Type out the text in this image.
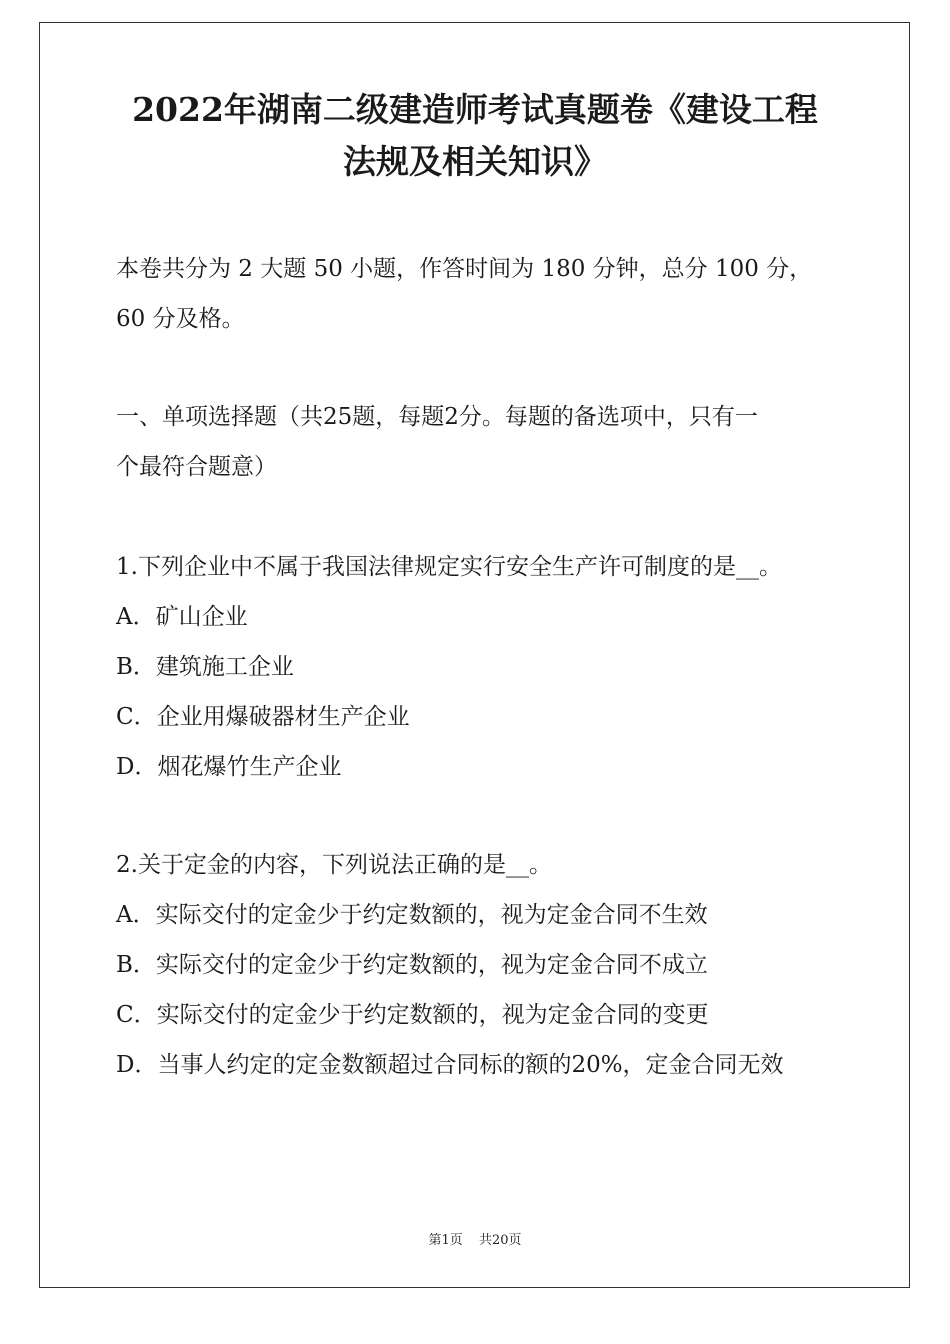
2022年湖南二级建造师考试真题卷《建设工程
法规及相关知识》
本卷共分为 2 大题 50 小题，作答时间为 180 分钟，总分 100 分，
60 分及格。
一、单项选择题（共25题，每题2分。每题的备选项中，只有一
个最符合题意）
1.下列企业中不属于我国法律规定实行安全生产许可制度的是__。
A．矿山企业
B．建筑施工企业
C．企业用爆破器材生产企业
D．烟花爆竹生产企业
2.关于定金的内容，下列说法正确的是__。
A．实际交付的定金少于约定数额的，视为定金合同不生效
B．实际交付的定金少于约定数额的，视为定金合同不成立
C．实际交付的定金少于约定数额的，视为定金合同的变更
D．当事人约定的定金数额超过合同标的额的20%，定金合同无效
第1页 共20页
